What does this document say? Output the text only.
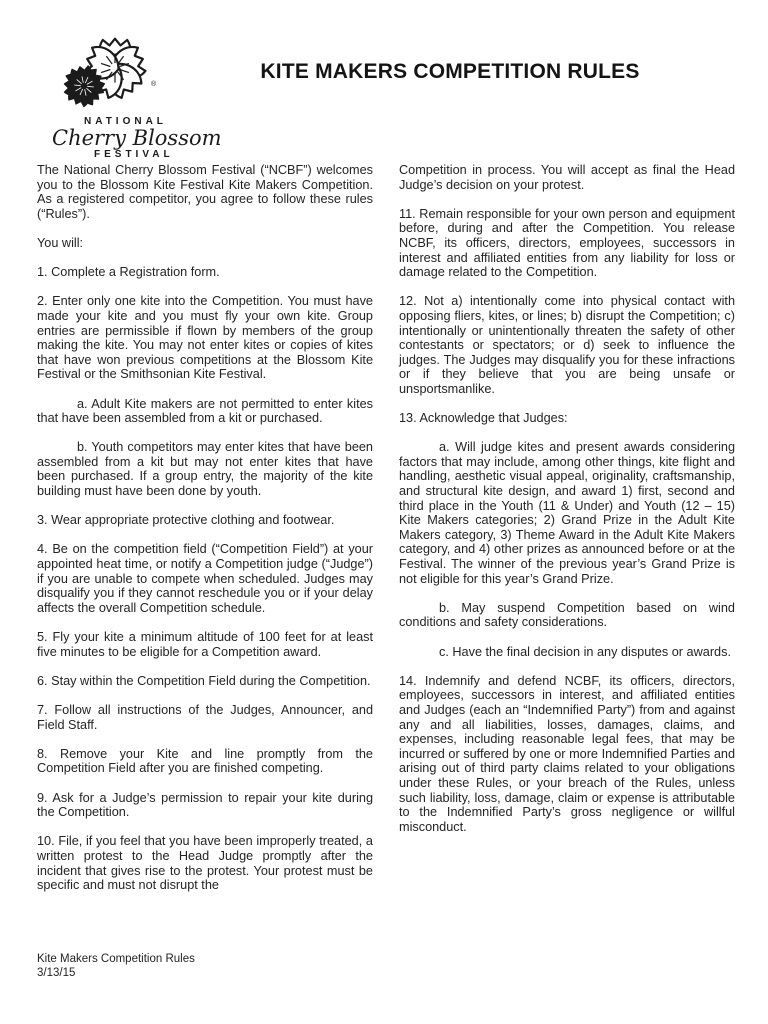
®
NATIONAL
Cherry Blossom
FESTIVAL
KITE MAKERS COMPETITION RULES

The National Cherry Blossom Festival (“NCBF”) welcomes you to the Blossom Kite Festival Kite Makers Competition. As a registered competitor, you agree to follow these rules (“Rules”).

You will:

1. Complete a Registration form.

2. Enter only one kite into the Competition. You must have made your kite and you must fly your own kite. Group entries are permissible if flown by members of the group making the kite. You may not enter kites or copies of kites that have won previous competitions at the Blossom Kite Festival or the Smithsonian Kite Festival.

a. Adult Kite makers are not permitted to enter kites that have been assembled from a kit or purchased.

b. Youth competitors may enter kites that have been assembled from a kit but may not enter kites that have been purchased. If a group entry, the majority of the kite building must have been done by youth.

3. Wear appropriate protective clothing and footwear.

4. Be on the competition field (“Competition Field”) at your appointed heat time, or notify a Competition judge (“Judge”) if you are unable to compete when scheduled. Judges may disqualify you if they cannot reschedule you or if your delay affects the overall Competition schedule.

5. Fly your kite a minimum altitude of 100 feet for at least five minutes to be eligible for a Competition award.

6. Stay within the Competition Field during the Competition.

7. Follow all instructions of the Judges, Announcer, and Field Staff.

8. Remove your Kite and line promptly from the Competition Field after you are finished competing.

9. Ask for a Judge’s permission to repair your kite during the Competition.

10. File, if you feel that you have been improperly treated, a written protest to the Head Judge promptly after the incident that gives rise to the protest. Your protest must be specific and must not disrupt the

Competition in process. You will accept as final the Head Judge’s decision on your protest.

11. Remain responsible for your own person and equipment before, during and after the Competition. You release NCBF, its officers, directors, employees, successors in interest and affiliated entities from any liability for loss or damage related to the Competition.

12. Not a) intentionally come into physical contact with opposing fliers, kites, or lines; b) disrupt the Competition; c) intentionally or unintentionally threaten the safety of other contestants or spectators; or d) seek to influence the judges. The Judges may disqualify you for these infractions or if they believe that you are being unsafe or unsportsmanlike.

13. Acknowledge that Judges:

a. Will judge kites and present awards considering factors that may include, among other things, kite flight and handling, aesthetic visual appeal, originality, craftsmanship, and structural kite design, and award 1) first, second and third place in the Youth (11 & Under) and Youth (12 – 15) Kite Makers categories; 2) Grand Prize in the Adult Kite Makers category, 3) Theme Award in the Adult Kite Makers category, and 4) other prizes as announced before or at the Festival. The winner of the previous year’s Grand Prize is not eligible for this year’s Grand Prize.

b. May suspend Competition based on wind conditions and safety considerations.

c. Have the final decision in any disputes or awards.

14. Indemnify and defend NCBF, its officers, directors, employees, successors in interest, and affiliated entities and Judges (each an “Indemnified Party”) from and against any and all liabilities, losses, damages, claims, and expenses, including reasonable legal fees, that may be incurred or suffered by one or more Indemnified Parties and arising out of third party claims related to your obligations under these Rules, or your breach of the Rules, unless such liability, loss, damage, claim or expense is attributable to the Indemnified Party’s gross negligence or willful misconduct.

Kite Makers Competition Rules
3/13/15
